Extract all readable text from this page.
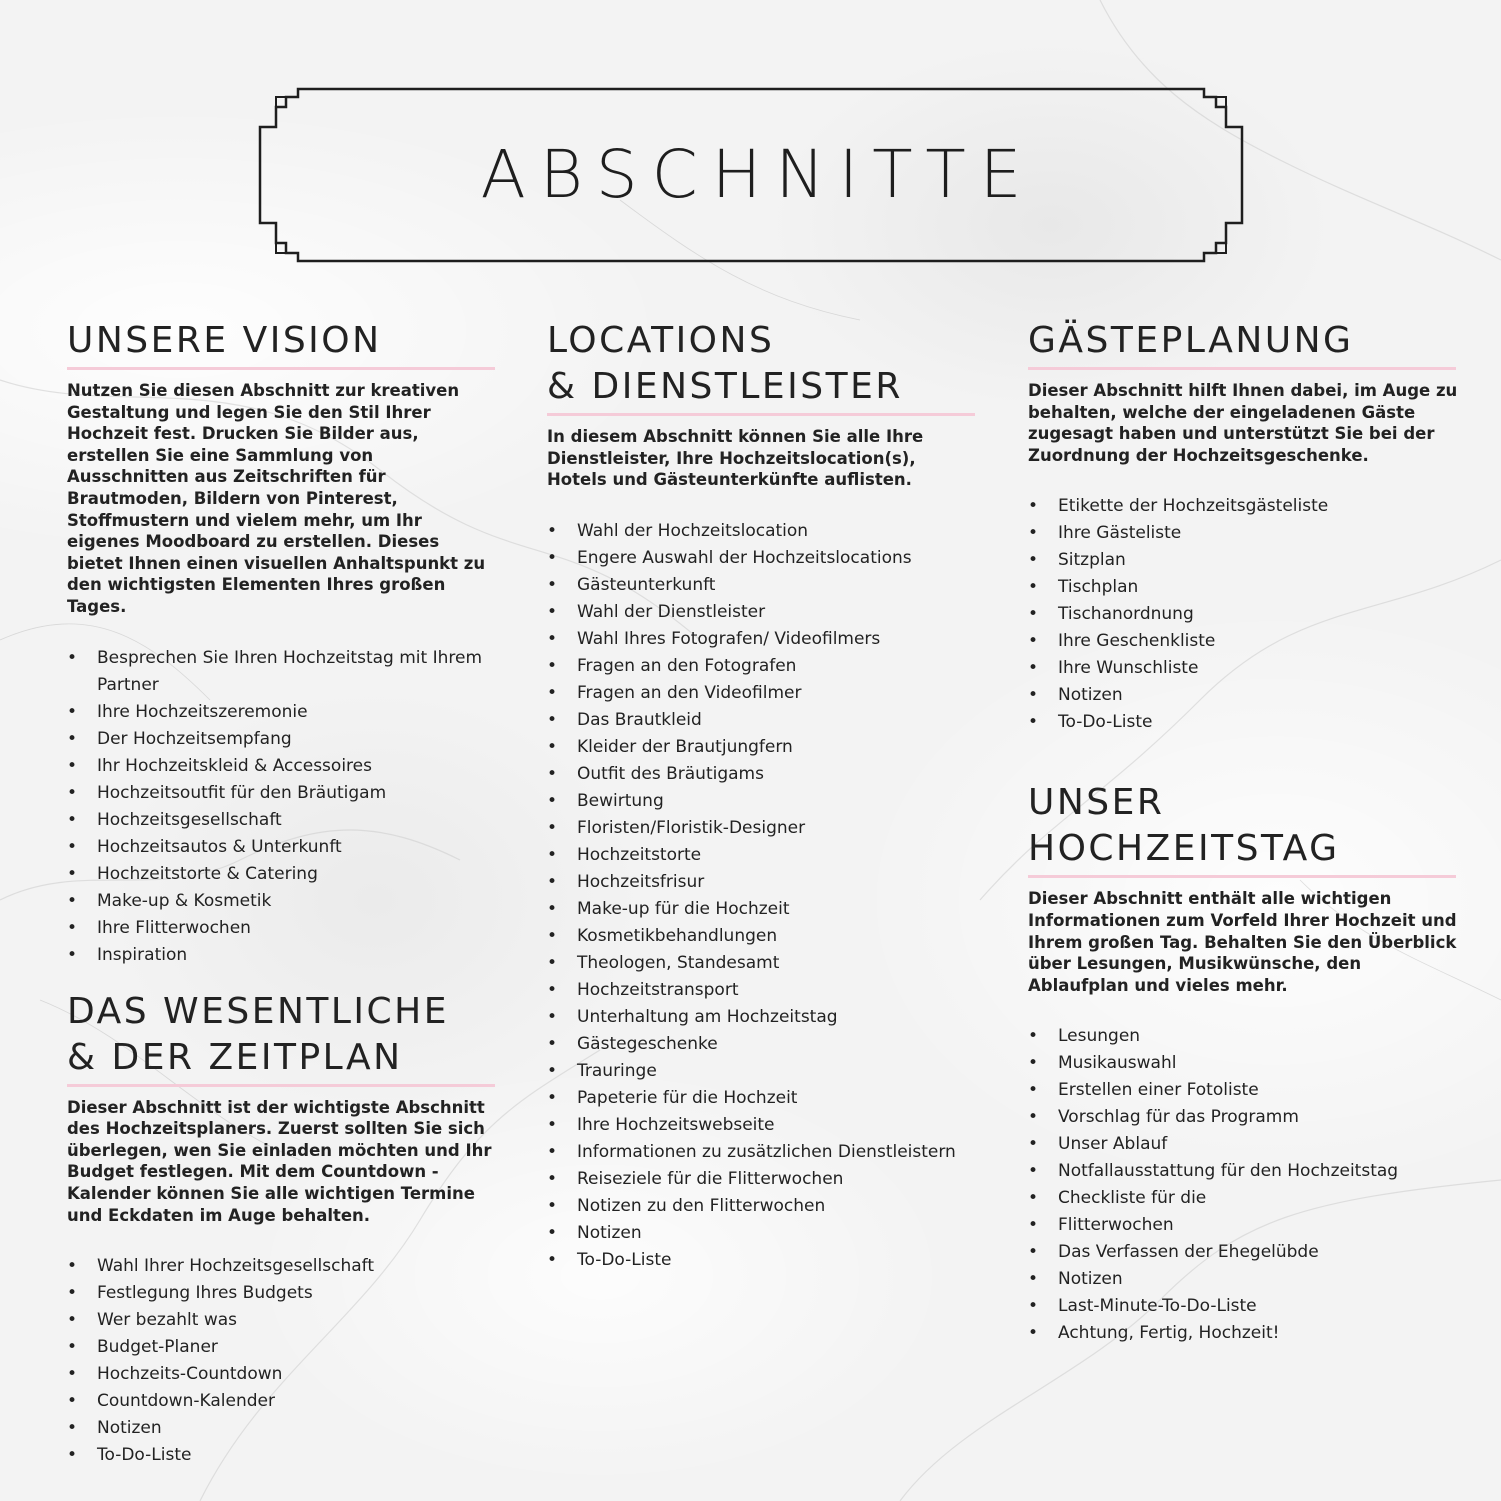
ABSCHNITTE
UNSERE VISION

Nutzen Sie diesen Abschnitt zur kreativen Gestaltung und legen Sie den Stil Ihrer Hochzeit fest. Drucken Sie Bilder aus, erstellen Sie eine Sammlung von Ausschnitten aus Zeitschriften für Brautmoden, Bildern von Pinterest, Stoffmustern und vielem mehr, um Ihr eigenes Moodboard zu erstellen. Dieses bietet Ihnen einen visuellen Anhaltspunkt zu den wichtigsten Elementen Ihres großen Tages.

• Besprechen Sie Ihren Hochzeitstag mit Ihrem Partner
• Ihre Hochzeitszeremonie
• Der Hochzeitsempfang
• Ihr Hochzeitskleid & Accessoires
• Hochzeitsoutfit für den Bräutigam
• Hochzeitsgesellschaft
• Hochzeitsautos & Unterkunft
• Hochzeitstorte & Catering
• Make-up & Kosmetik
• Ihre Flitterwochen
• Inspiration
DAS WESENTLICHE
& DER ZEITPLAN

Dieser Abschnitt ist der wichtigste Abschnitt des Hochzeitsplaners. Zuerst sollten Sie sich überlegen, wen Sie einladen möchten und Ihr Budget festlegen. Mit dem Countdown -Kalender können Sie alle wichtigen Termine und Eckdaten im Auge behalten.

• Wahl Ihrer Hochzeitsgesellschaft
• Festlegung Ihres Budgets
• Wer bezahlt was
• Budget-Planer
• Hochzeits-Countdown
• Countdown-Kalender
• Notizen
• To-Do-Liste
LOCATIONS
& DIENSTLEISTER

In diesem Abschnitt können Sie alle Ihre Dienstleister, Ihre Hochzeitslocation(s), Hotels und Gästeunterkünfte auflisten.

• Wahl der Hochzeitslocation
• Engere Auswahl der Hochzeitslocations
• Gästeunterkunft
• Wahl der Dienstleister
• Wahl Ihres Fotografen/ Videofilmers
• Fragen an den Fotografen
• Fragen an den Videofilmer
• Das Brautkleid
• Kleider der Brautjungfern
• Outfit des Bräutigams
• Bewirtung
• Floristen/Floristik-Designer
• Hochzeitstorte
• Hochzeitsfrisur
• Make-up für die Hochzeit
• Kosmetikbehandlungen
• Theologen, Standesamt
• Hochzeitstransport
• Unterhaltung am Hochzeitstag
• Gästegeschenke
• Trauringe
• Papeterie für die Hochzeit
• Ihre Hochzeitswebseite
• Informationen zu zusätzlichen Dienstleistern
• Reiseziele für die Flitterwochen
• Notizen zu den Flitterwochen
• Notizen
• To-Do-Liste
GÄSTEPLANUNG

Dieser Abschnitt hilft Ihnen dabei, im Auge zu behalten, welche der eingeladenen Gäste zugesagt haben und unterstützt Sie bei der Zuordnung der Hochzeitsgeschenke.

• Etikette der Hochzeitsgästeliste
• Ihre Gästeliste
• Sitzplan
• Tischplan
• Tischanordnung
• Ihre Geschenkliste
• Ihre Wunschliste
• Notizen
• To-Do-Liste
UNSER HOCHZEITSTAG

Dieser Abschnitt enthält alle wichtigen Informationen zum Vorfeld Ihrer Hochzeit und Ihrem großen Tag. Behalten Sie den Überblick über Lesungen, Musikwünsche, den Ablaufplan und vieles mehr.

• Lesungen
• Musikauswahl
• Erstellen einer Fotoliste
• Vorschlag für das Programm
• Unser Ablauf
• Notfallausstattung für den Hochzeitstag
• Checkliste für die
• Flitterwochen
• Das Verfassen der Ehegelübde
• Notizen
• Last-Minute-To-Do-Liste
• Achtung, Fertig, Hochzeit!
